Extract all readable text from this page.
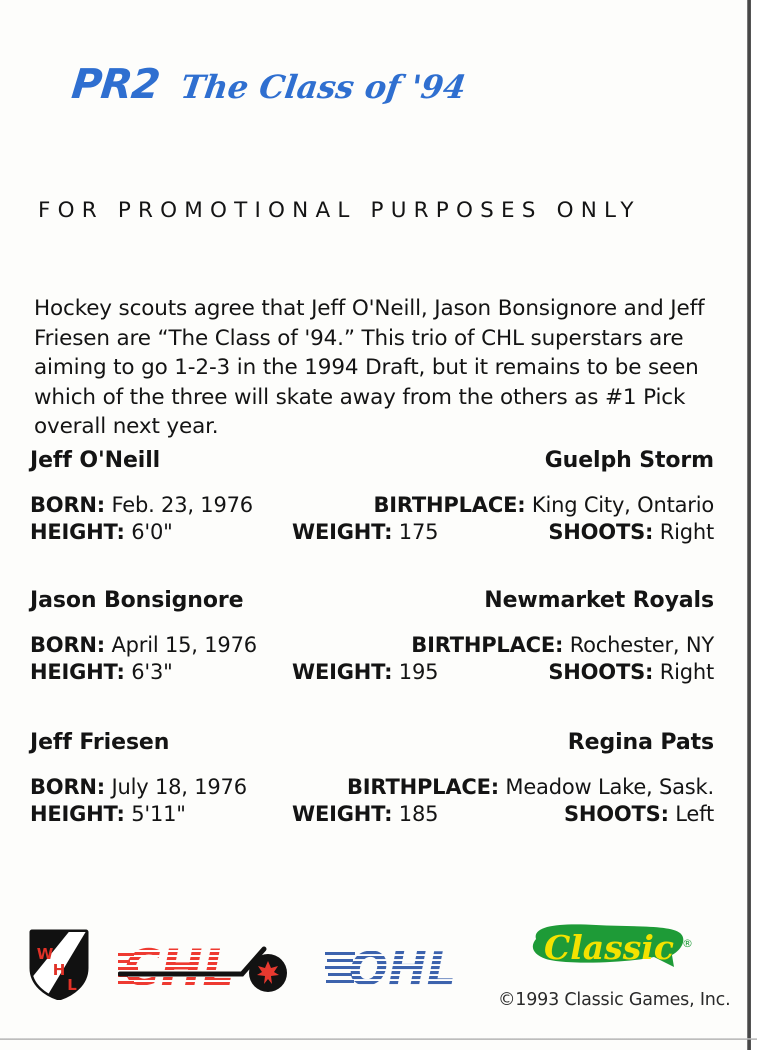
PR2 The Class of '94
FOR PROMOTIONAL PURPOSES ONLY
Hockey scouts agree that Jeff O'Neill, Jason Bonsignore and Jeff Friesen are “The Class of '94.” This trio of CHL superstars are aiming to go 1-2-3 in the 1994 Draft, but it remains to be seen which of the three will skate away from the others as #1 Pick overall next year.
Jeff O'Neill	Guelph Storm
BORN: Feb. 23, 1976	BIRTHPLACE: King City, Ontario
HEIGHT: 6'0"	WEIGHT: 175	SHOOTS: Right
Jason Bonsignore	Newmarket Royals
BORN: April 15, 1976	BIRTHPLACE: Rochester, NY
HEIGHT: 6'3"	WEIGHT: 195	SHOOTS: Right
Jeff Friesen	Regina Pats
BORN: July 18, 1976	BIRTHPLACE: Meadow Lake, Sask.
HEIGHT: 5'11"	WEIGHT: 185	SHOOTS: Left
W
H
L
Classic ®
©1993 Classic Games, Inc.
